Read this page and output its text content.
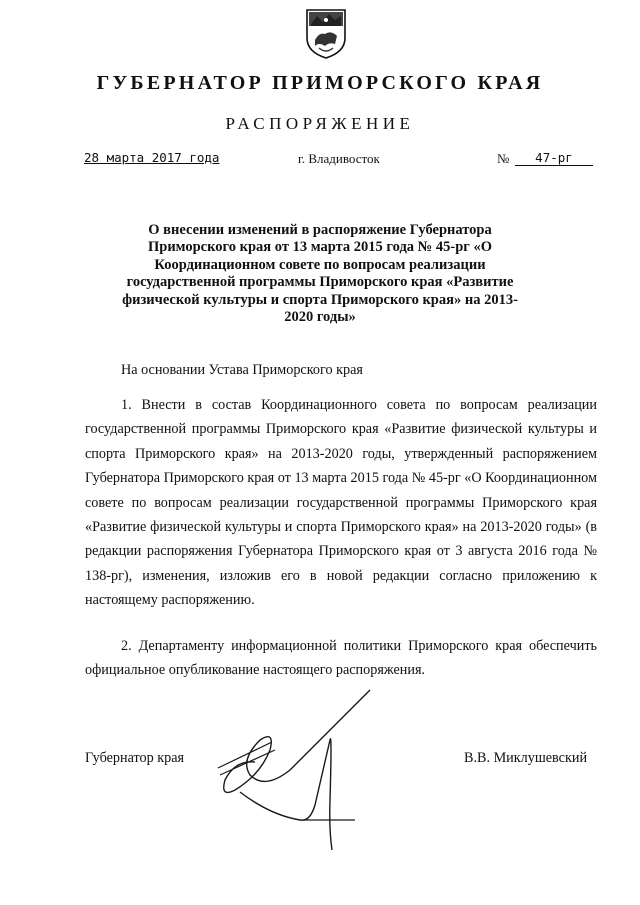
ГУБЕРНАТОР ПРИМОРСКОГО КРАЯ
РАСПОРЯЖЕНИЕ
28 марта 2017 года	г. Владивосток	№	47-рг
О внесении изменений в распоряжение Губернатора Приморского края от 13 марта 2015 года № 45-рг «О Координационном совете по вопросам реализации государственной программы Приморского края «Развитие физической культуры и спорта Приморского края» на 2013-2020 годы»
На основании Устава Приморского края
1. Внести в состав Координационного совета по вопросам реализации государственной программы Приморского края «Развитие физической культуры и спорта Приморского края» на 2013-2020 годы, утвержденный распоряжением Губернатора Приморского края от 13 марта 2015 года № 45-рг «О Координационном совете по вопросам реализации государственной программы Приморского края «Развитие физической культуры и спорта Приморского края» на 2013-2020 годы» (в редакции распоряжения Губернатора Приморского края от 3 августа 2016 года № 138-рг), изменения, изложив его в новой редакции согласно приложению к настоящему распоряжению.
2. Департаменту информационной политики Приморского края обеспечить официальное опубликование настоящего распоряжения.
Губернатор края	В.В. Миклушевский
